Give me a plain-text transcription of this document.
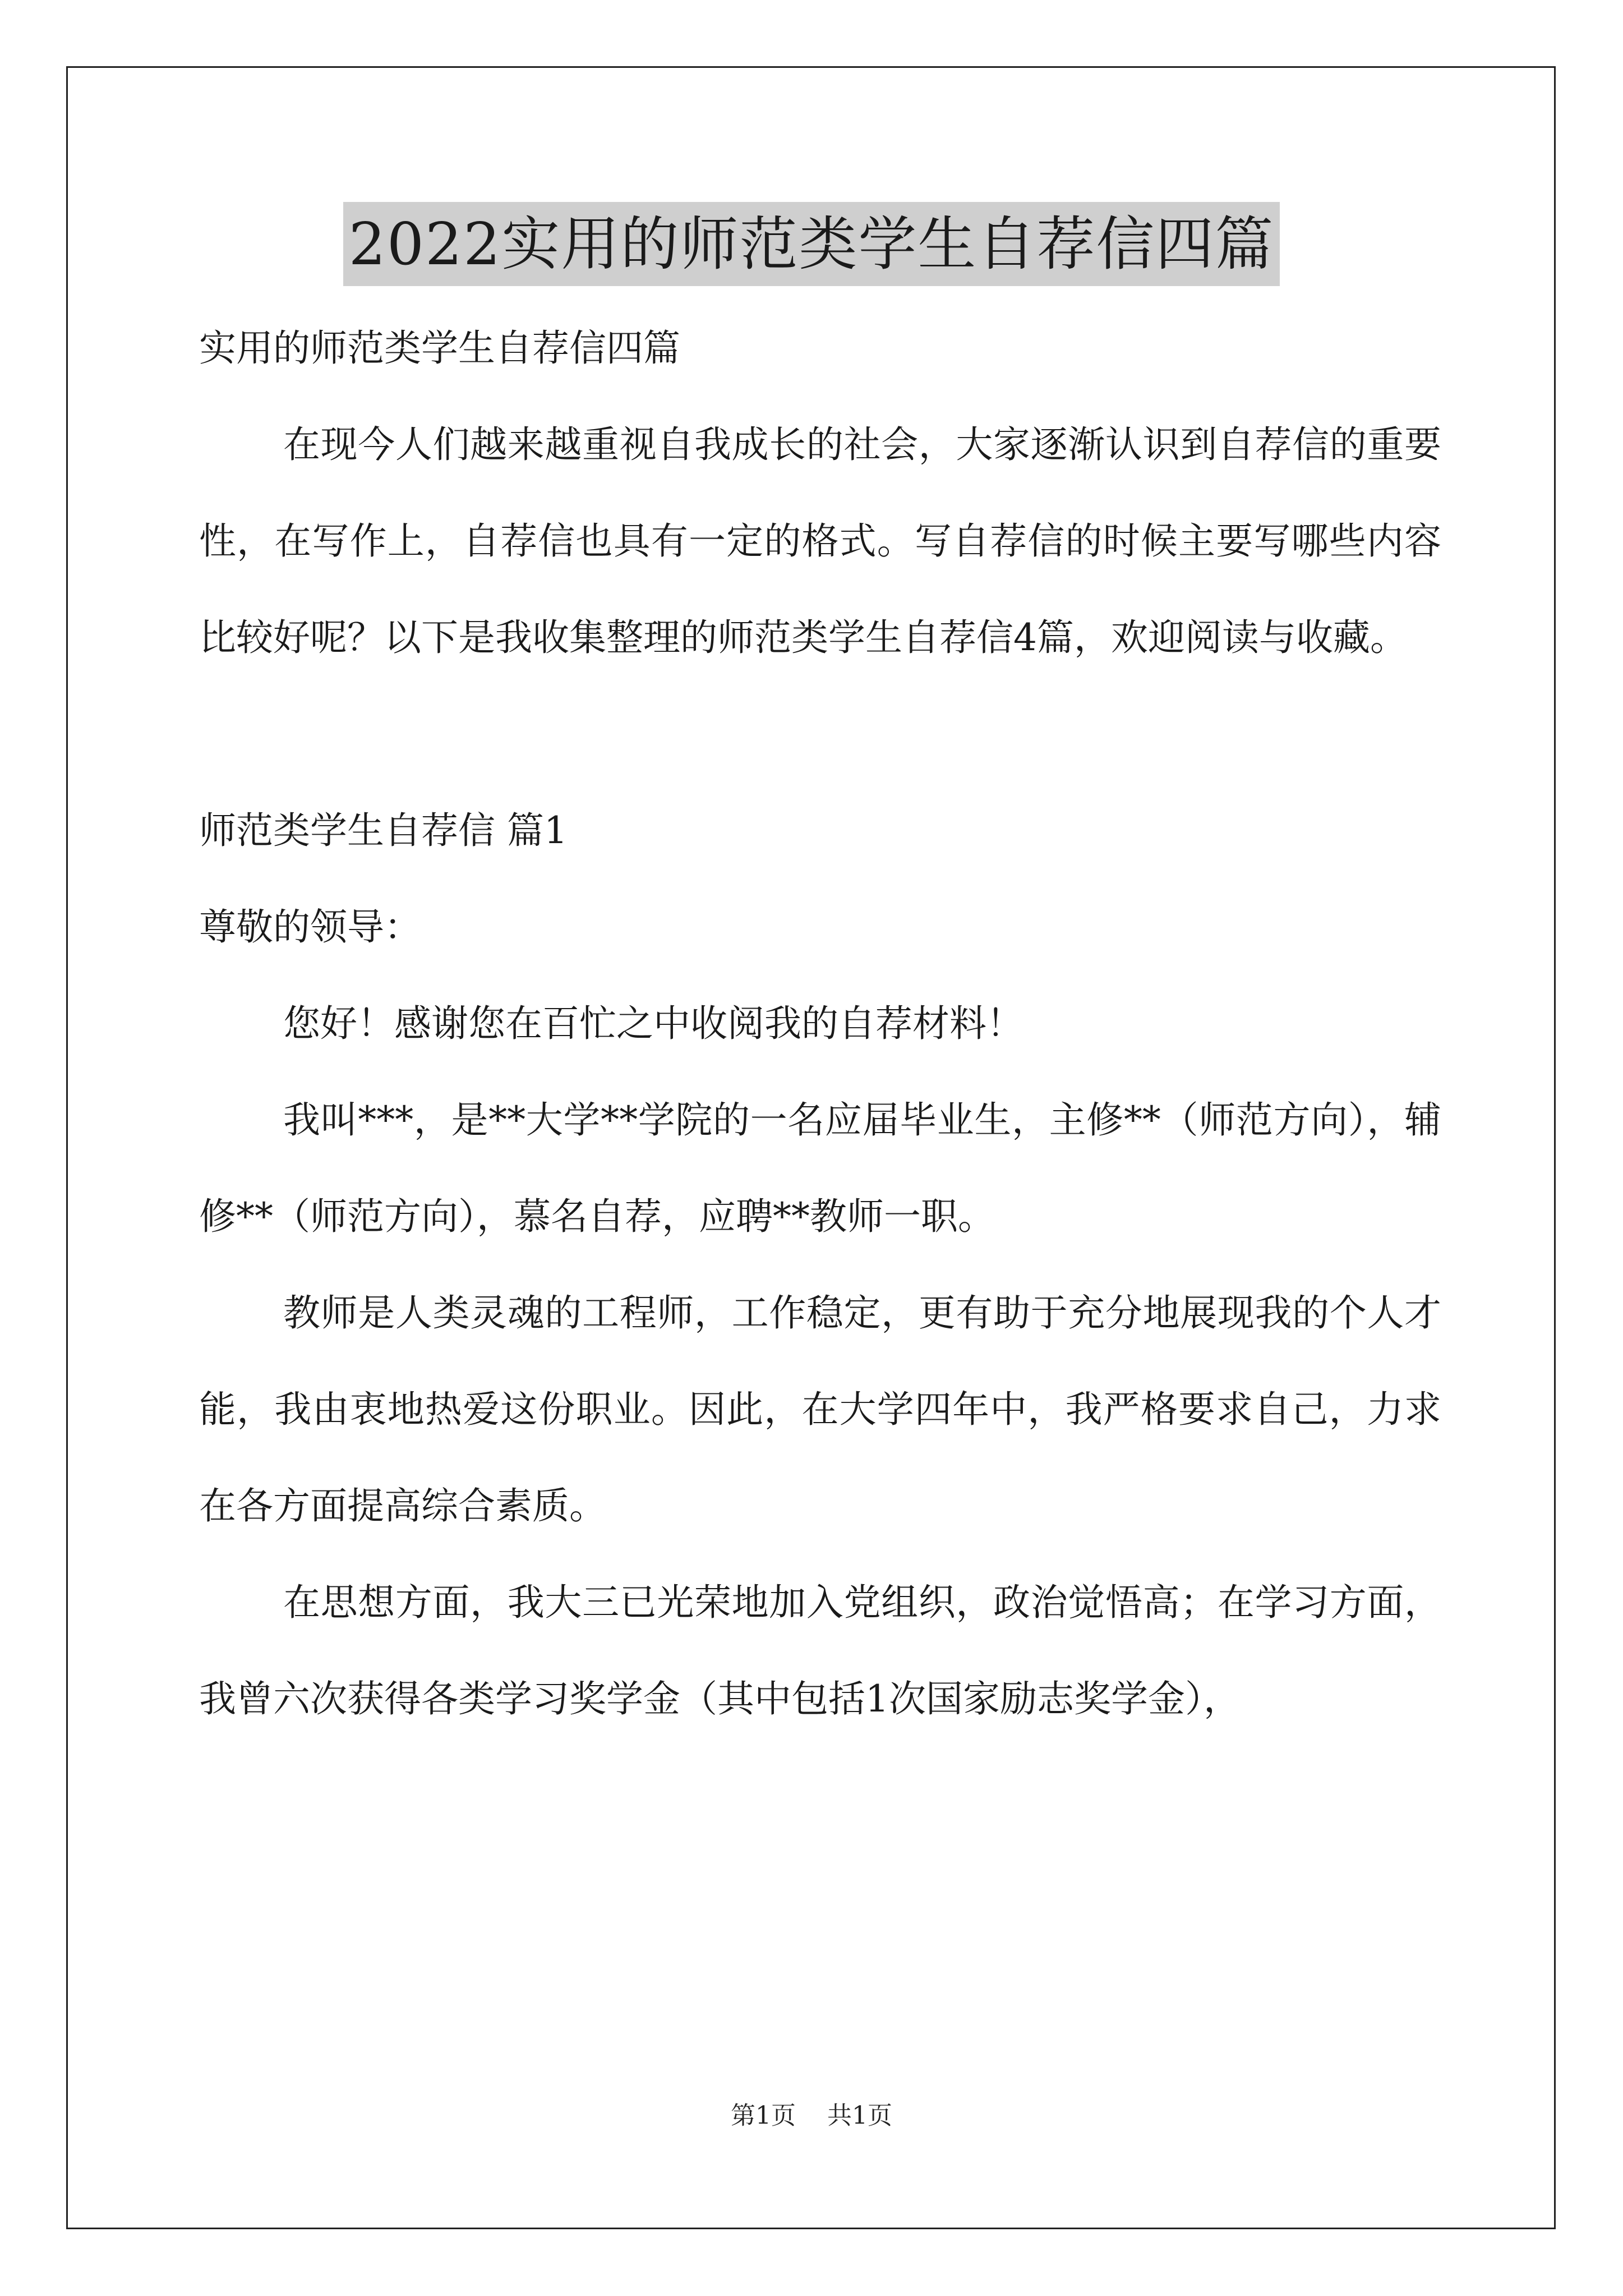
2022实用的师范类学生自荐信四篇

实用的师范类学生自荐信四篇

在现今人们越来越重视自我成长的社会，大家逐渐认识到自荐信的重要性，在写作上，自荐信也具有一定的格式。写自荐信的时候主要写哪些内容比较好呢？以下是我收集整理的师范类学生自荐信4篇，欢迎阅读与收藏。

师范类学生自荐信 篇1

尊敬的领导：

您好！感谢您在百忙之中收阅我的自荐材料！

我叫***，是**大学**学院的一名应届毕业生，主修**（师范方向），辅修**（师范方向），慕名自荐，应聘**教师一职。

教师是人类灵魂的工程师，工作稳定，更有助于充分地展现我的个人才能，我由衷地热爱这份职业。因此，在大学四年中，我严格要求自己，力求在各方面提高综合素质。

在思想方面，我大三已光荣地加入党组织，政治觉悟高；在学习方面，我曾六次获得各类学习奖学金（其中包括1次国家励志奖学金），

第1页    共1页
